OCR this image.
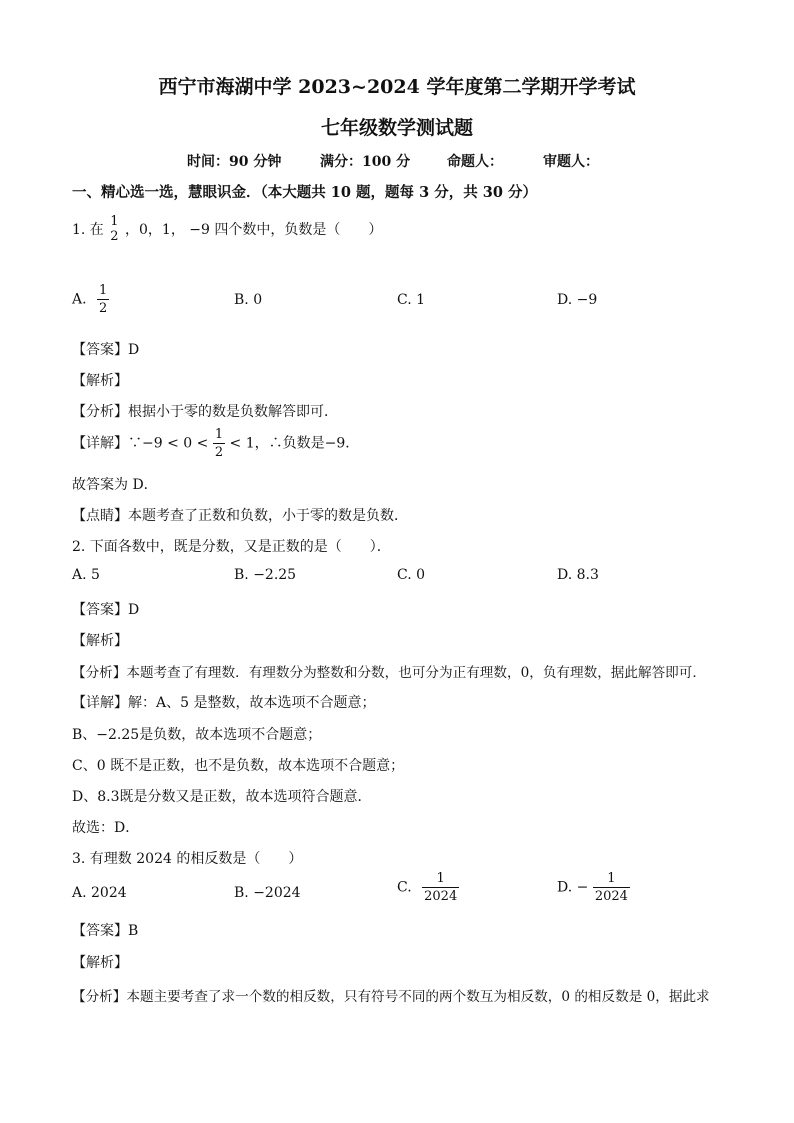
西宁市海湖中学 2023~2024 学年度第二学期开学考试
七年级数学测试题
时间：90 分钟	满分：100 分	命题人：	审题人：
一、精心选一选，慧眼识金．（本大题共 10 题，题每 3 分，共 30 分）
1. 在
1
2 ，0，1， −9 四个数中，负数是（　　）
A. $\frac{1}{2}$	B. 0	C. 1	D. −9
【答案】D
【解析】
【分析】根据小于零的数是负数解答即可．
【详解】∵−9 < $0 < \frac{1}{2} < 1$，∴负数是−9．
故答案为 D．
【点睛】本题考查了正数和负数，小于零的数是负数．
2. 下面各数中，既是分数，又是正数的是（　　）．
A. 5	B. −2.25	C. 0	D. 8.3
【答案】D
【解析】
【分析】本题考查了有理数．有理数分为整数和分数，也可分为正有理数，0，负有理数，据此解答即可．
【详解】解：A、5 是整数，故本选项不合题意；
B、−2.25是负数，故本选项不合题意；
C、0 既不是正数，也不是负数，故本选项不合题意；
D、8.3既是分数又是正数，故本选项符合题意．
故选：D．
3. 有理数 2024 的相反数是（　　）
A. 2024	B. −2024	C. $\frac{1}{2024}$	D. − $\frac{1}{2024}$
【答案】B
【解析】
【分析】本题主要考查了求一个数的相反数，只有符号不同的两个数互为相反数，0 的相反数是 0，据此求
